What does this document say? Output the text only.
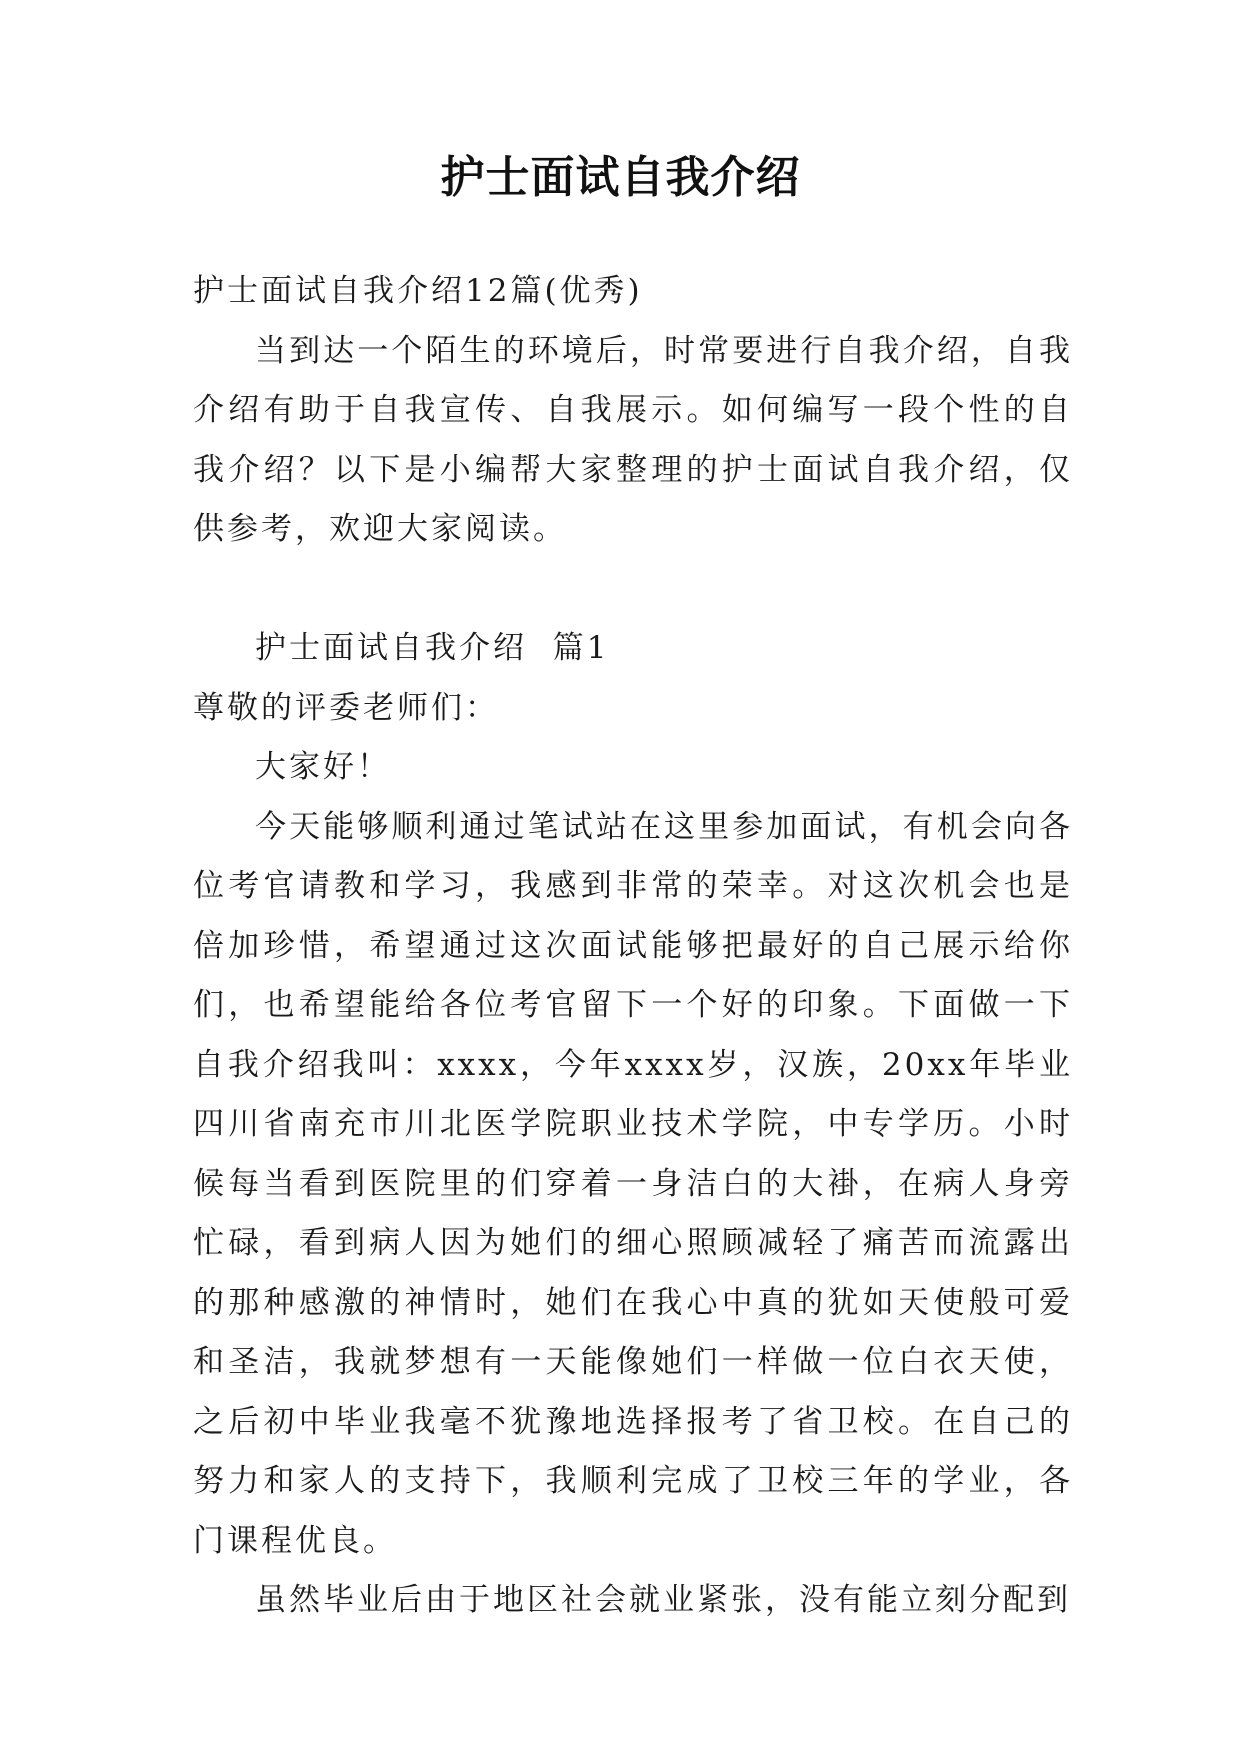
护士面试自我介绍

护士面试自我介绍12篇(优秀)

当到达一个陌生的环境后，时常要进行自我介绍，自我介绍有助于自我宣传、自我展示。如何编写一段个性的自我介绍？以下是小编帮大家整理的护士面试自我介绍，仅供参考，欢迎大家阅读。

护士面试自我介绍  篇1

尊敬的评委老师们：

大家好！

今天能够顺利通过笔试站在这里参加面试，有机会向各位考官请教和学习，我感到非常的荣幸。对这次机会也是倍加珍惜，希望通过这次面试能够把最好的自己展示给你们，也希望能给各位考官留下一个好的印象。下面做一下自我介绍我叫：xxxx，今年xxxx岁，汉族，20xx年毕业四川省南充市川北医学院职业技术学院，中专学历。小时候每当看到医院里的们穿着一身洁白的大褂，在病人身旁忙碌，看到病人因为她们的细心照顾减轻了痛苦而流露出的那种感激的神情时，她们在我心中真的犹如天使般可爱和圣洁，我就梦想有一天能像她们一样做一位白衣天使，之后初中毕业我毫不犹豫地选择报考了省卫校。在自己的努力和家人的支持下，我顺利完成了卫校三年的学业，各门课程优良。

虽然毕业后由于地区社会就业紧张，没有能立刻分配到
